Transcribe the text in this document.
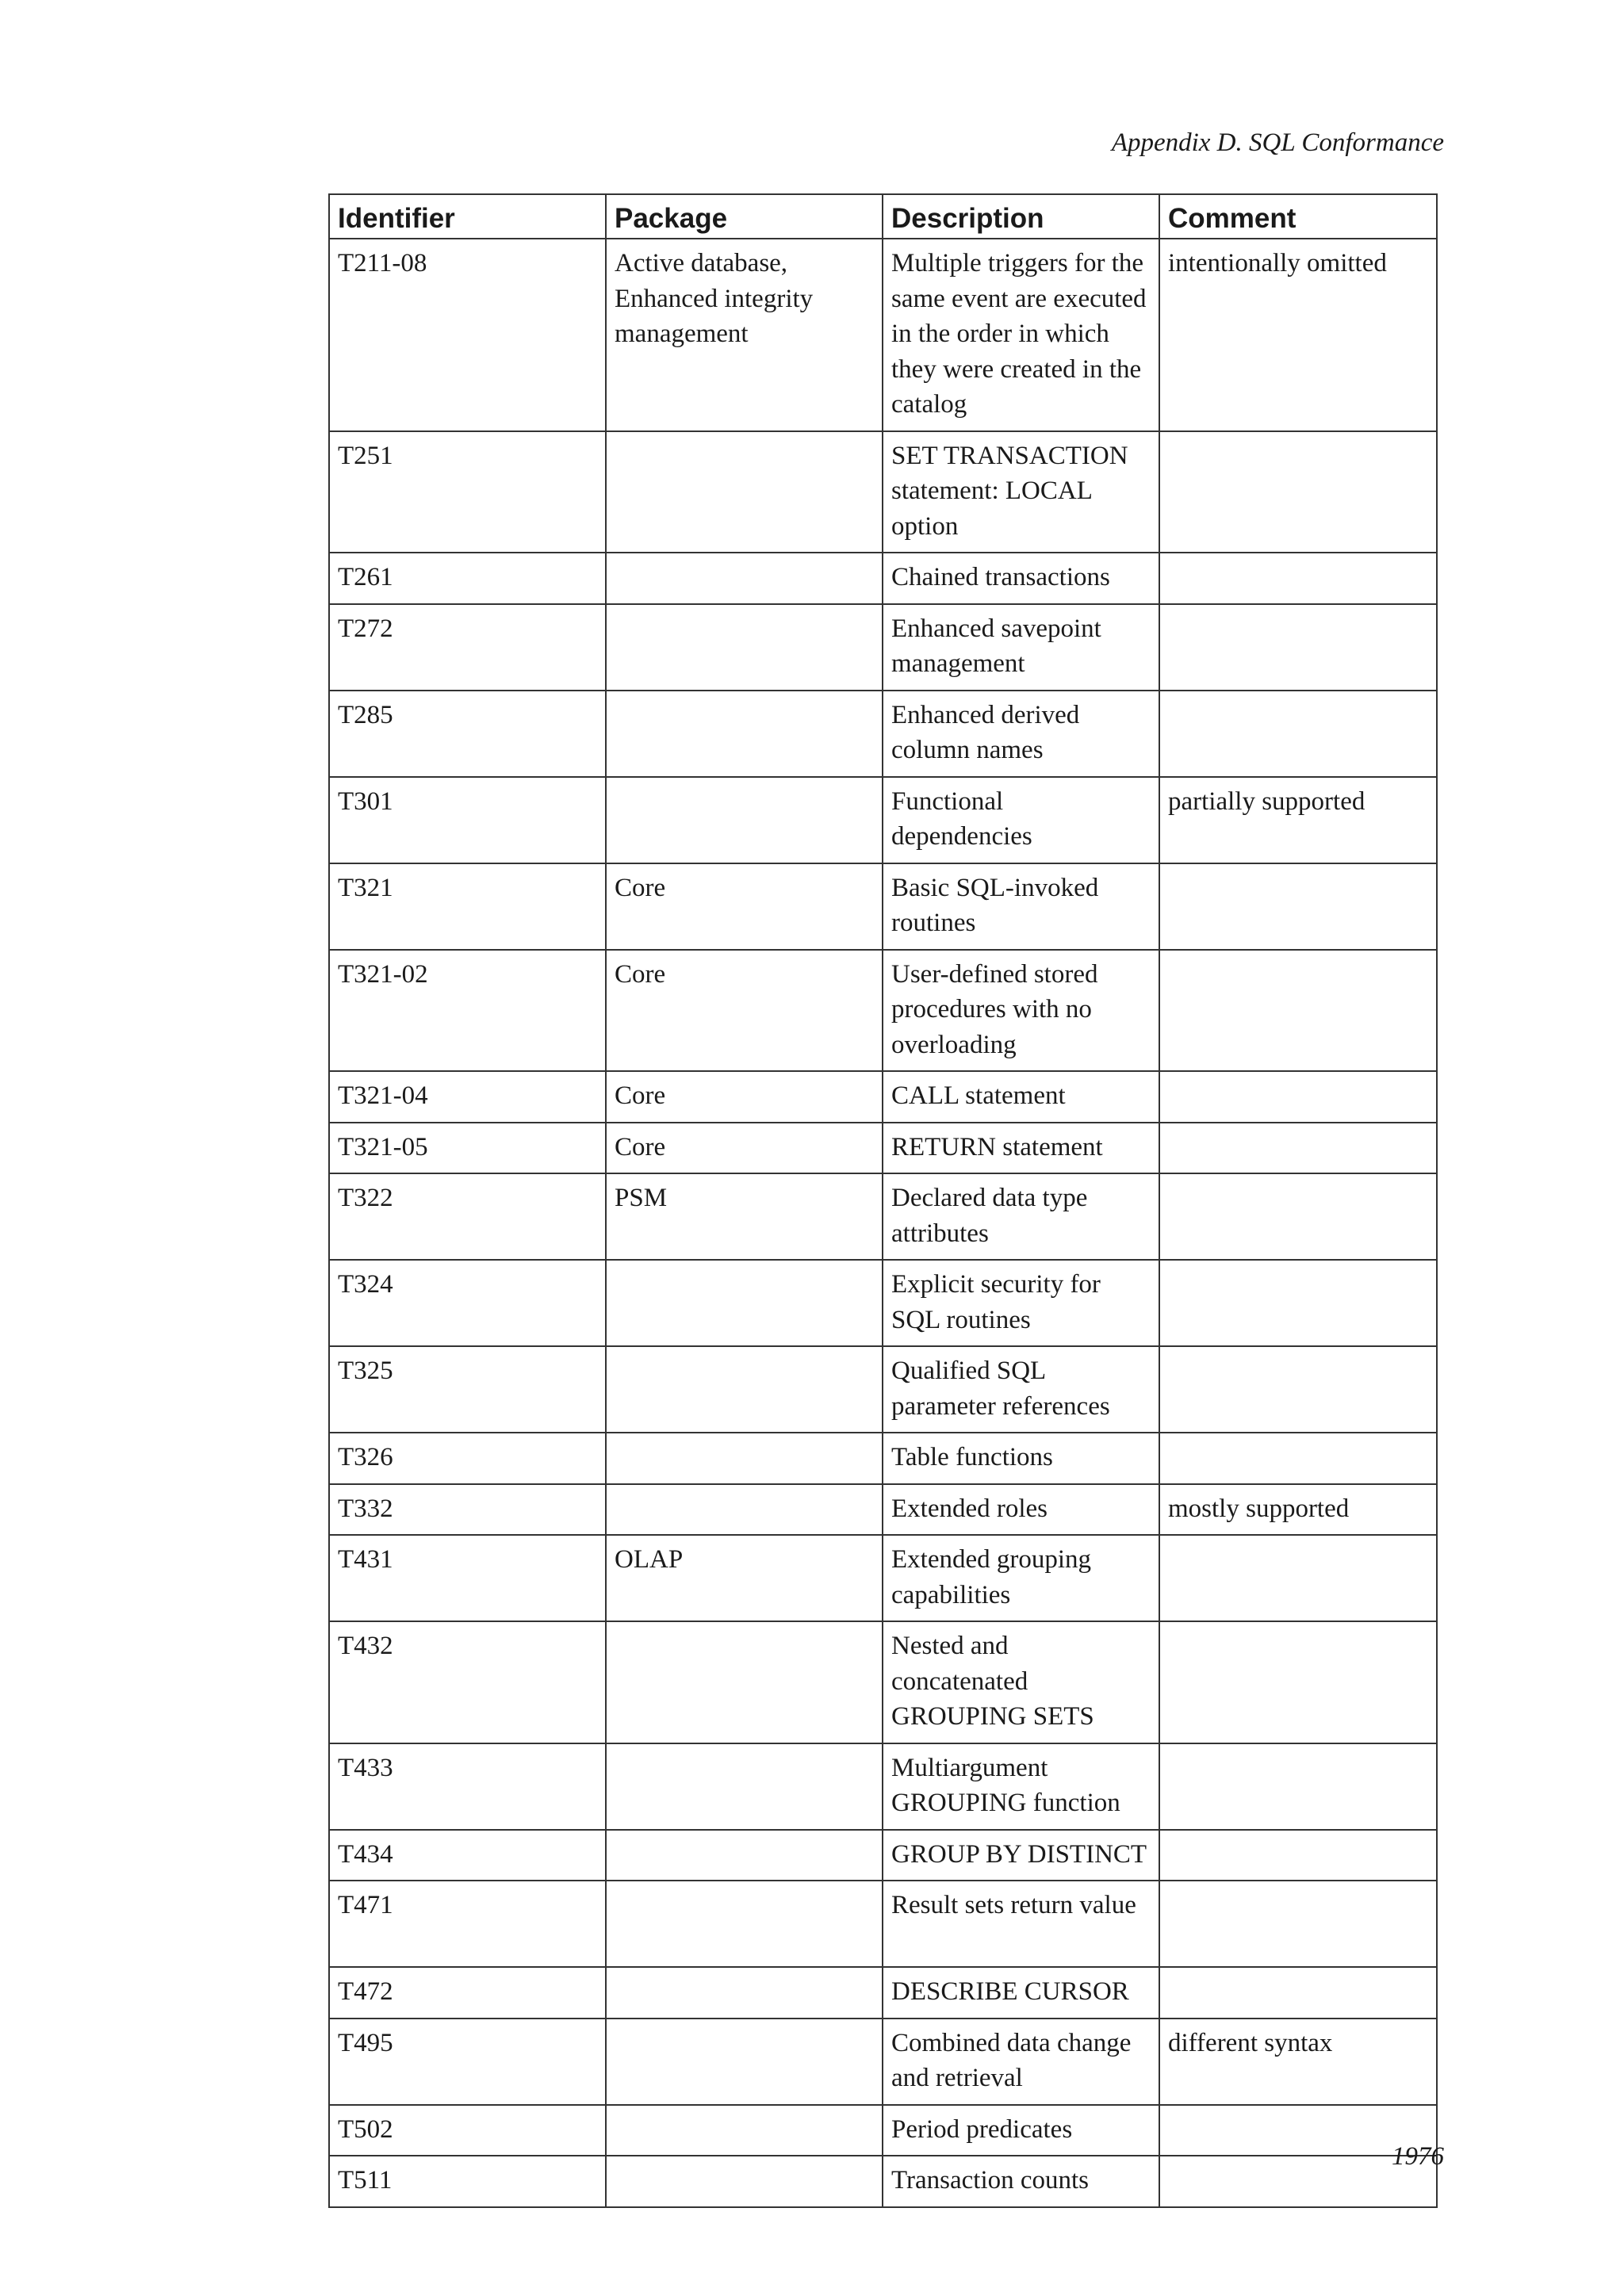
Appendix D. SQL Conformance
Identifier	Package	Description	Comment
T211-08	Active database, Enhanced integrity management	Multiple triggers for the same event are executed in the order in which they were created in the catalog	intentionally omitted
T251		SET TRANSACTION statement: LOCAL option	
T261		Chained transactions	
T272		Enhanced savepoint management	
T285		Enhanced derived column names	
T301		Functional dependencies	partially supported
T321	Core	Basic SQL-invoked routines	
T321-02	Core	User-defined stored procedures with no overloading	
T321-04	Core	CALL statement	
T321-05	Core	RETURN statement	
T322	PSM	Declared data type attributes	
T324		Explicit security for SQL routines	
T325		Qualified SQL parameter references	
T326		Table functions	
T332		Extended roles	mostly supported
T431	OLAP	Extended grouping capabilities	
T432		Nested and concatenated GROUPING SETS	
T433		Multiargument GROUPING function	
T434		GROUP BY DISTINCT	
T471		Result sets return value	
T472		DESCRIBE CURSOR	
T495		Combined data change and retrieval	different syntax
T502		Period predicates	
T511		Transaction counts	
1976
